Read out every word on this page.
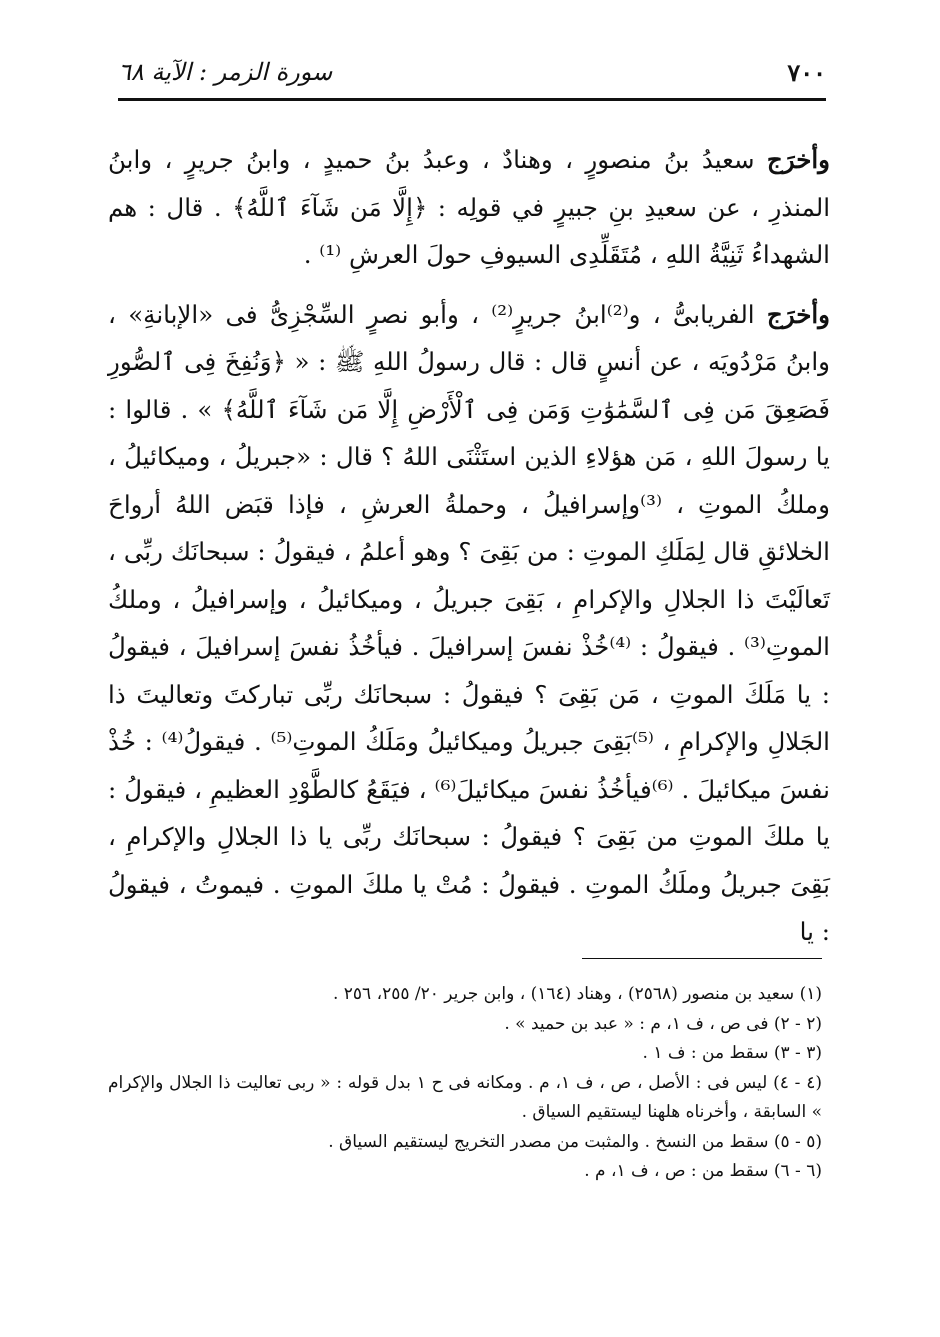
٧٠٠
سورة الزمر : الآية ٦٨

وأخرَج سعيدُ بنُ منصورٍ ، وهنادٌ ، وعبدُ بنُ حميدٍ ، وابنُ جريرٍ ، وابنُ المنذرِ ، عن سعيدِ بنِ جبيرٍ في قولِه : ﴿إِلَّا مَن شَآءَ ٱللَّهُ﴾ . قال : هم الشهداءُ ثَنِيَّةُ اللهِ ، مُتَقَلِّدِى السيوفِ حولَ العرشِ ⁽¹⁾ .

وأخرَج الفريابىُّ ، و⁽²⁾ابنُ جريرٍ⁽²⁾ ، وأبو نصرٍ السِّجْزِىُّ فى «الإبانةِ» ، وابنُ مَرْدُويَه ، عن أنسٍ قال : قال رسولُ اللهِ ﷺ : « ﴿وَنُفِخَ فِى ٱلصُّورِ فَصَعِقَ مَن فِى ٱلسَّمَٰوَٰتِ وَمَن فِى ٱلْأَرْضِ إِلَّا مَن شَآءَ ٱللَّهُ﴾ » . قالوا : يا رسولَ اللهِ ، مَن هؤلاءِ الذين استَثْنَى اللهُ ؟ قال : «جبريلُ ، وميكائيلُ ، وملكُ الموتِ ، ⁽³⁾وإسرافيلُ ، وحملةُ العرشِ ، فإذا قبَض اللهُ أرواحَ الخلائقِ قال لِمَلَكِ الموتِ : من بَقِىَ ؟ وهو أعلمُ ، فيقولُ : سبحانَك ربِّى ، تَعالَيْتَ ذا الجلالِ والإكرامِ ، بَقِىَ جبريلُ ، وميكائيلُ ، وإسرافيلُ ، وملكُ الموتِ⁽³⁾ . فيقولُ : ⁽⁴⁾خُذْ نفسَ إسرافيلَ . فيأخُذُ نفسَ إسرافيلَ ، فيقولُ : يا مَلَكَ الموتِ ، مَن بَقِىَ ؟ فيقولُ : سبحانَك ربِّى تباركتَ وتعاليتَ ذا الجَلالِ والإكرامِ ، ⁽⁵⁾بَقِىَ جبريلُ وميكائيلُ ومَلَكُ الموتِ⁽⁵⁾ . فيقولُ⁽⁴⁾ : خُذْ نفسَ ميكائيلَ . ⁽⁶⁾فيأخُذُ نفسَ ميكائيلَ⁽⁶⁾ ، فيَقَعُ كالطَّوْدِ العظيمِ ، فيقولُ : يا ملكَ الموتِ من بَقِىَ ؟ فيقولُ : سبحانَك ربِّى يا ذا الجلالِ والإكرامِ ، بَقِىَ جبريلُ وملَكُ الموتِ . فيقولُ : مُتْ يا ملكَ الموتِ . فيموتُ ، فيقولُ : يا

(١) سعيد بن منصور (٢٥٦٨) ، وهناد (١٦٤) ، وابن جرير ٢٠/ ٢٥٥، ٢٥٦ .

(٢ - ٢) فى ص ، ف ١، م : « عبد بن حميد » .

(٣ - ٣) سقط من : ف ١ .

(٤ - ٤) ليس فى : الأصل ، ص ، ف ١، م . ومكانه فى ح ١ بدل قوله : « ربى تعاليت ذا الجلال والإكرام » السابقة ، وأخرناه هلهنا ليستقيم السياق .

(٥ - ٥) سقط من النسخ . والمثبت من مصدر التخريج ليستقيم السياق .

(٦ - ٦) سقط من : ص ، ف ١، م .
